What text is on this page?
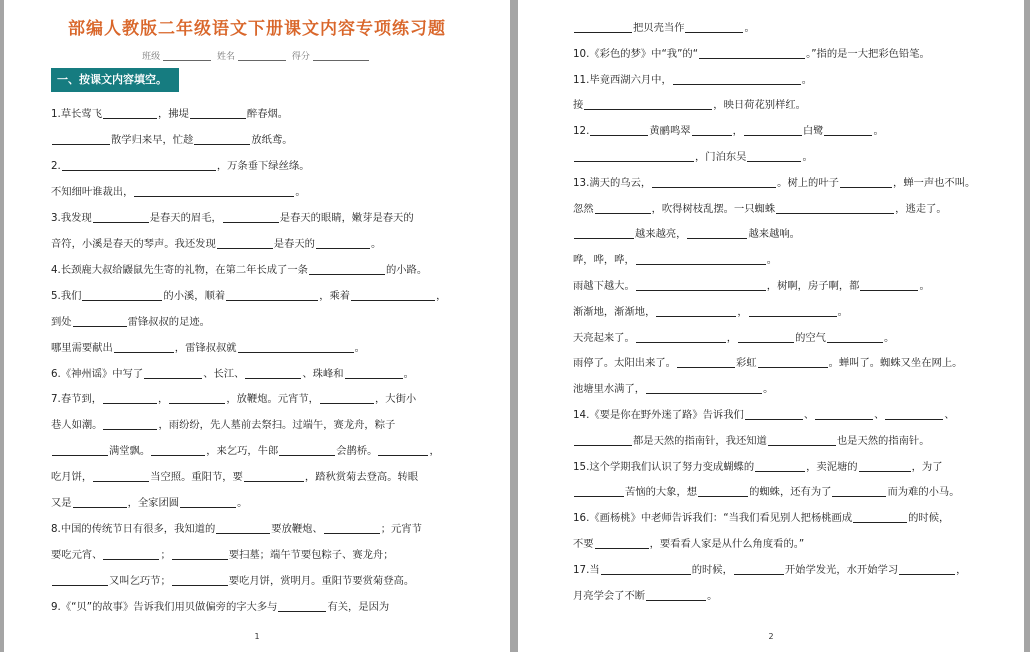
部编人教版二年级语文下册课文内容专项练习题
班级	姓名	得分
一、按课文内容填空。
1.草长莺飞	，拂堤	醉春烟。
散学归来早，忙趁	放纸鸢。
2.	，万条垂下绿丝绦。
不知细叶谁裁出，	。
3.我发现	是春天的眉毛，	是春天的眼睛，嫩芽是春天的
音符，小溪是春天的琴声。我还发现	是春天的	。
4.长颈鹿大叔给鼹鼠先生寄的礼物，在第二年长成了一条	的小路。
5.我们	的小溪，顺着	，乘着	，
到处	雷锋叔叔的足迹。
哪里需要献出	，雷锋叔叔就	。
6.《神州谣》中写了	、长江、	、珠峰和	。
7.春节到，	，	，放鞭炮。元宵节，	，大街小
巷人如潮。	，雨纷纷，先人墓前去祭扫。过端午，赛龙舟，粽子
满堂飘。	，来乞巧，牛郎	会鹊桥。	，
吃月饼，	当空照。重阳节，要	，踏秋赏菊去登高。转眼
又是	，全家团圆	。
8.中国的传统节日有很多，我知道的	要放鞭炮、	；元宵节
要吃元宵、	；	要扫墓；端午节要包粽子、赛龙舟；
又叫乞巧节；	要吃月饼，赏明月。重阳节要赏菊登高。
9.《“贝”的故事》告诉我们用贝做偏旁的字大多与	有关，是因为
1
把贝壳当作	。
10.《彩色的梦》中“我”的“	。”指的是一大把彩色铅笔。
11.毕竟西湖六月中，	。
接	，映日荷花别样红。
12.	黄鹂鸣翠	，	白鹭	。
，门泊东吴	。
13.满天的乌云，	。树上的叶子	，蝉一声也不叫。
忽然	，吹得树枝乱摆。一只蜘蛛	，逃走了。
越来越亮，	越来越响。
哗，哗，哗，	。
雨越下越大。	，树啊，房子啊，都	。
渐渐地，渐渐地，	，	。
天亮起来了。	，	的空气	。
雨停了。太阳出来了。	彩虹	。蝉叫了。蜘蛛又坐在网上。
池塘里水满了，	。
14.《要是你在野外迷了路》告诉我们	、	、	、
都是天然的指南针，我还知道	也是天然的指南针。
15.这个学期我们认识了努力变成蝴蝶的	，卖泥塘的	，为了
苦恼的大象，想	的蜘蛛，还有为了	而为难的小马。
16.《画杨桃》中老师告诉我们：“当我们看见别人把杨桃画成	的时候，
不要	，要看看人家是从什么角度看的。”
17.当	的时候，	开始学发光，水开始学习	，
月亮学会了不断	。
2
